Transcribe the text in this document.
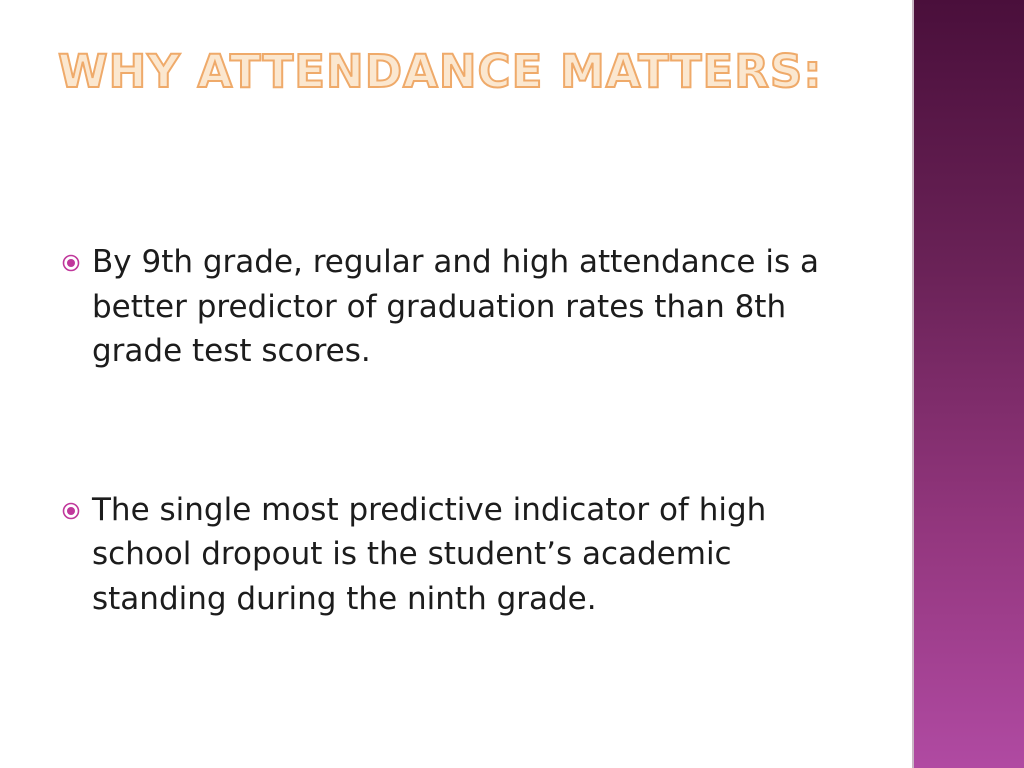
WHY ATTENDANCE MATTERS:
By 9th grade, regular and high attendance is a better predictor of graduation rates than 8th grade test scores.
The single most predictive indicator of high school dropout is the student’s academic standing during the ninth grade.
